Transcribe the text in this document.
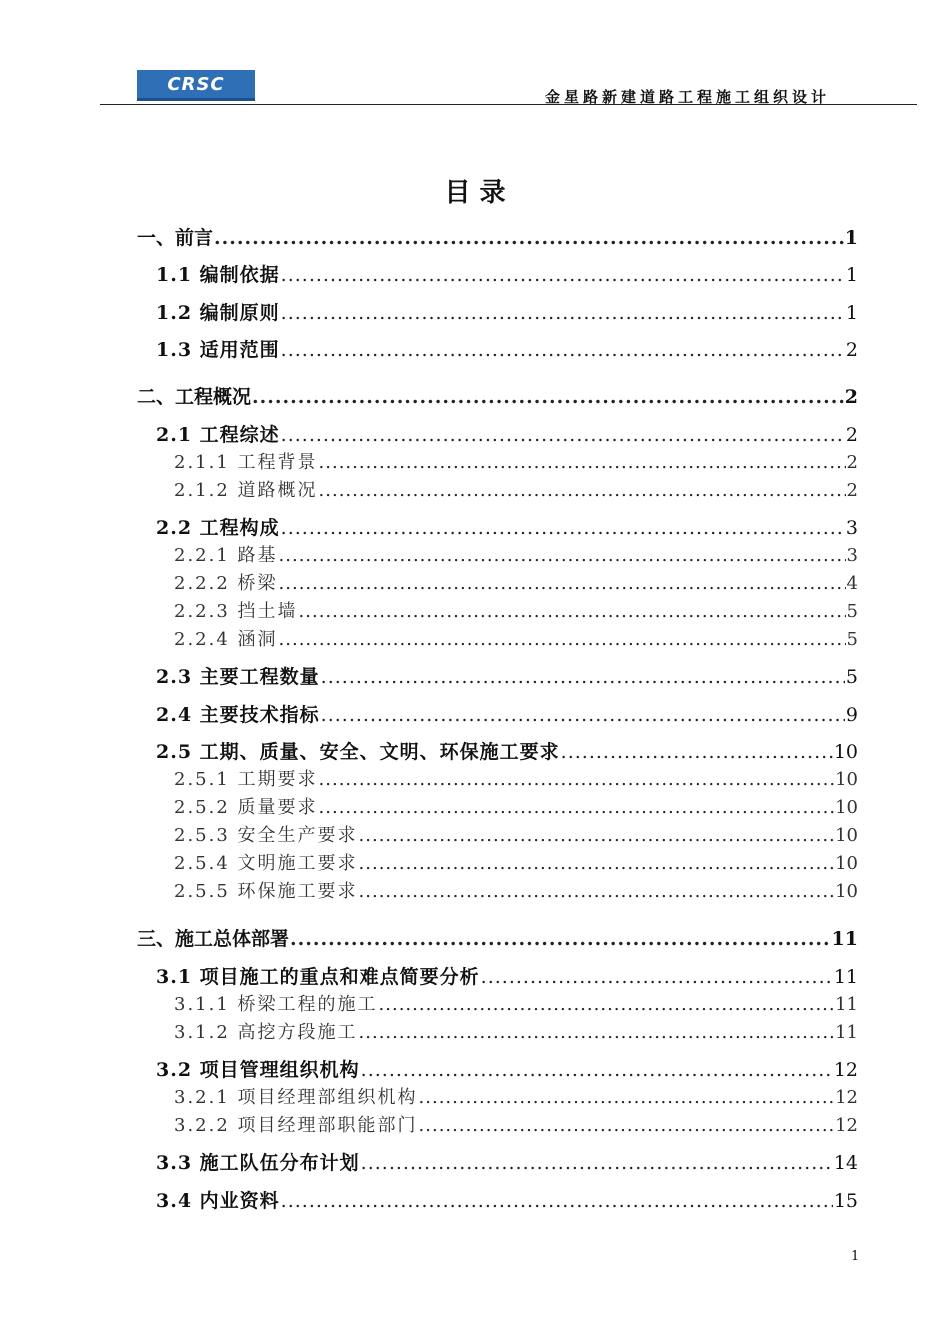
CRSC
金星路新建道路工程施工组织设计
目 录
一、前言 .....	1
1.1 编制依据 .....	1
1.2 编制原则 .....	1
1.3 适用范围 .....	2
二、工程概况 .....	2
2.1 工程综述 .....	2
2.1.1 工程背景 .....	2
2.1.2 道路概况 .....	2
2.2 工程构成 .....	3
2.2.1 路基 .....	3
2.2.2 桥梁 .....	4
2.2.3 挡土墙 .....	5
2.2.4 涵洞 .....	5
2.3 主要工程数量 .....	5
2.4 主要技术指标 .....	9
2.5 工期、质量、安全、文明、环保施工要求 .....	10
2.5.1 工期要求 .....	10
2.5.2 质量要求 .....	10
2.5.3 安全生产要求 .....	10
2.5.4 文明施工要求 .....	10
2.5.5 环保施工要求 .....	10
三、施工总体部署 .....	11
3.1 项目施工的重点和难点简要分析 .....	11
3.1.1 桥梁工程的施工 .....	11
3.1.2 高挖方段施工 .....	11
3.2 项目管理组织机构 .....	12
3.2.1 项目经理部组织机构 .....	12
3.2.2 项目经理部职能部门 .....	12
3.3 施工队伍分布计划 .....	14
3.4 内业资料 .....	15
1
